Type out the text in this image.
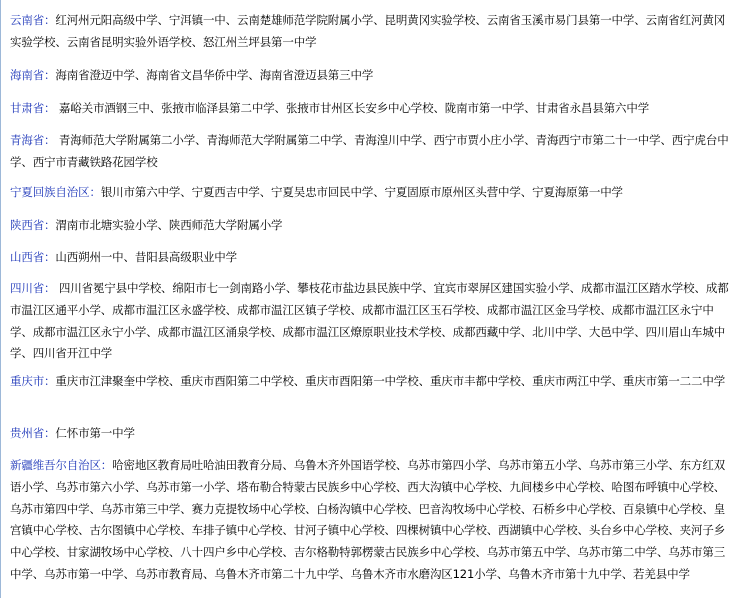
云南省：红河州元阳高级中学、宁洱镇一中、云南楚雄师范学院附属小学、昆明黄冈实验学校、云南省玉溪市易门县第一中学、云南省红河黄冈实验学校、云南省昆明实验外语学校、怒江州兰坪县第一中学
海南省：海南省澄迈中学、海南省文昌华侨中学、海南省澄迈县第三中学
甘肃省： 嘉峪关市酒钢三中、张掖市临泽县第二中学、张掖市甘州区长安乡中心学校、陇南市第一中学、甘肃省永昌县第六中学
青海省： 青海师范大学附属第二小学、青海师范大学附属第二中学、青海湟川中学、西宁市贾小庄小学、青海西宁市第二十一中学、西宁虎台中学、西宁市青藏铁路花园学校
宁夏回族自治区：银川市第六中学、宁夏西吉中学、宁夏吴忠市回民中学、宁夏固原市原州区头营中学、宁夏海原第一中学
陕西省：渭南市北塘实验小学、陕西师范大学附属小学
山西省：山西朔州一中、昔阳县高级职业中学
四川省： 四川省冕宁县中学校、绵阳市七一剑南路小学、攀枝花市盐边县民族中学、宜宾市翠屏区建国实验小学、成都市温江区踏水学校、成都市温江区通平小学、成都市温江区永盛学校、成都市温江区镇子学校、成都市温江区玉石学校、成都市温江区金马学校、成都市温江区永宁中学、成都市温江区永宁小学、成都市温江区涌泉学校、成都市温江区燎原职业技术学校、成都西藏中学、北川中学、大邑中学、四川眉山车城中学、四川省开江中学
重庆市：重庆市江津聚奎中学校、重庆市酉阳第二中学校、重庆市酉阳第一中学校、重庆市丰都中学校、重庆市两江中学、重庆市第一二二中学
贵州省：仁怀市第一中学
新疆维吾尔自治区：哈密地区教育局吐哈油田教育分局、乌鲁木齐外国语学校、乌苏市第四小学、乌苏市第五小学、乌苏市第三小学、东方红双语小学、乌苏市第六小学、乌苏市第一小学、塔布勒合特蒙古民族乡中心学校、西大沟镇中心学校、九间楼乡中心学校、哈图布呼镇中心学校、乌苏市第四中学、乌苏市第三中学、赛力克提牧场中心学校、白杨沟镇中心学校、巴音沟牧场中心学校、石桥乡中心学校、百泉镇中心学校、皇宫镇中心学校、古尔图镇中心学校、车排子镇中心学校、甘河子镇中心学校、四棵树镇中心学校、西湖镇中心学校、头台乡中心学校、夹河子乡中心学校、甘家湖牧场中心学校、八十四户乡中心学校、吉尔格勒特郭楞蒙古民族乡中心学校、乌苏市第五中学、乌苏市第二中学、乌苏市第三中学、乌苏市第一中学、乌苏市教育局、乌鲁木齐市第二十九中学、乌鲁木齐市水磨沟区121小学、乌鲁木齐市第十九中学、若羌县中学
